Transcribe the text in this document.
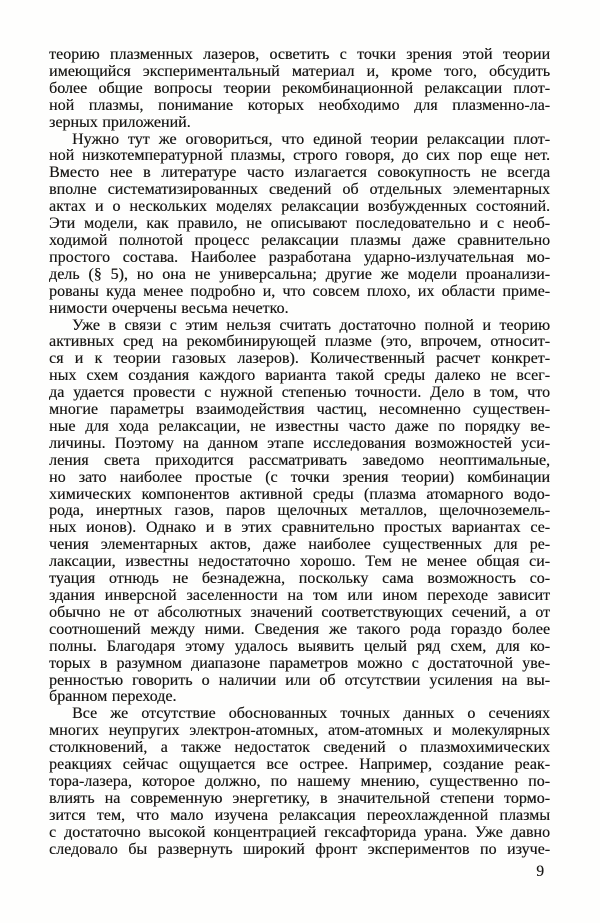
теорию плазменных лазеров, осветить с точки зрения этой теории
имеющийся экспериментальный материал и, кроме того, обсудить
более общие вопросы теории рекомбинационной релаксации плот-
ной плазмы, понимание которых необходимо для плазменно-ла-
зерных приложений.
Нужно тут же оговориться, что единой теории релаксации плот-
ной низкотемпературной плазмы, строго говоря, до сих пор еще нет.
Вместо нее в литературе часто излагается совокупность не всегда
вполне систематизированных сведений об отдельных элементарных
актах и о нескольких моделях релаксации возбужденных состояний.
Эти модели, как правило, не описывают последовательно и с необ-
ходимой полнотой процесс релаксации плазмы даже сравнительно
простого состава. Наиболее разработана ударно-излучательная мо-
дель (§ 5), но она не универсальна; другие же модели проанализи-
рованы куда менее подробно и, что совсем плохо, их области приме-
нимости очерчены весьма нечетко.
Уже в связи с этим нельзя считать достаточно полной и теорию
активных сред на рекомбинирующей плазме (это, впрочем, относит-
ся и к теории газовых лазеров). Количественный расчет конкрет-
ных схем создания каждого варианта такой среды далеко не всег-
да удается провести с нужной степенью точности. Дело в том, что
многие параметры взаимодействия частиц, несомненно существен-
ные для хода релаксации, не известны часто даже по порядку ве-
личины. Поэтому на данном этапе исследования возможностей уси-
ления света приходится рассматривать заведомо неоптимальные,
но зато наиболее простые (с точки зрения теории) комбинации
химических компонентов активной среды (плазма атомарного водо-
рода, инертных газов, паров щелочных металлов, щелочноземель-
ных ионов). Однако и в этих сравнительно простых вариантах се-
чения элементарных актов, даже наиболее существенных для ре-
лаксации, известны недостаточно хорошо. Тем не менее общая си-
туация отнюдь не безнадежна, поскольку сама возможность со-
здания инверсной заселенности на том или ином переходе зависит
обычно не от абсолютных значений соответствующих сечений, а от
соотношений между ними. Сведения же такого рода гораздо более
полны. Благодаря этому удалось выявить целый ряд схем, для ко-
торых в разумном диапазоне параметров можно с достаточной уве-
ренностью говорить о наличии или об отсутствии усиления на вы-
бранном переходе.
Все же отсутствие обоснованных точных данных о сечениях
многих неупругих электрон-атомных, атом-атомных и молекулярных
столкновений, а также недостаток сведений о плазмохимических
реакциях сейчас ощущается все острее. Например, создание реак-
тора-лазера, которое должно, по нашему мнению, существенно по-
влиять на современную энергетику, в значительной степени тормо-
зится тем, что мало изучена релаксация переохлажденной плазмы
с достаточно высокой концентрацией гексафторида урана. Уже давно
следовало бы развернуть широкий фронт экспериментов по изуче-
9
